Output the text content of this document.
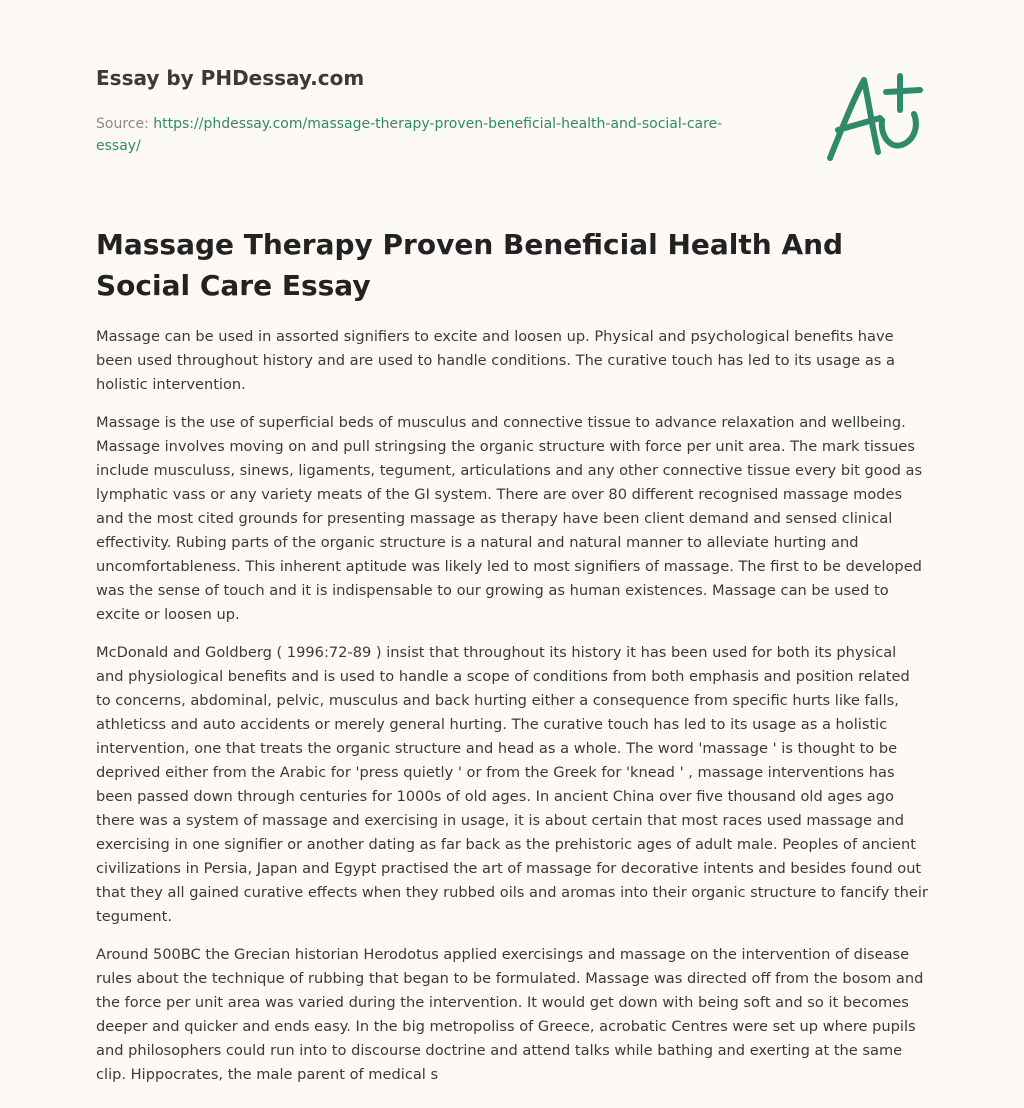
Essay by PHDessay.com
Source: https://phdessay.com/massage-therapy-proven-beneficial-health-and-social-care-essay/
Massage Therapy Proven Beneficial Health And Social Care Essay

Massage can be used in assorted signifiers to excite and loosen up. Physical and psychological benefits have been used throughout history and are used to handle conditions. The curative touch has led to its usage as a holistic intervention.

Massage is the use of superficial beds of musculus and connective tissue to advance relaxation and wellbeing. Massage involves moving on and pull stringsing the organic structure with force per unit area. The mark tissues include musculuss, sinews, ligaments, tegument, articulations and any other connective tissue every bit good as lymphatic vass or any variety meats of the GI system. There are over 80 different recognised massage modes and the most cited grounds for presenting massage as therapy have been client demand and sensed clinical effectivity. Rubing parts of the organic structure is a natural and natural manner to alleviate hurting and uncomfortableness. This inherent aptitude was likely led to most signifiers of massage. The first to be developed was the sense of touch and it is indispensable to our growing as human existences. Massage can be used to excite or loosen up.

McDonald and Goldberg ( 1996:72-89 ) insist that throughout its history it has been used for both its physical and physiological benefits and is used to handle a scope of conditions from both emphasis and position related to concerns, abdominal, pelvic, musculus and back hurting either a consequence from specific hurts like falls, athleticss and auto accidents or merely general hurting. The curative touch has led to its usage as a holistic intervention, one that treats the organic structure and head as a whole. The word 'massage ' is thought to be deprived either from the Arabic for 'press quietly ' or from the Greek for 'knead ' , massage interventions has been passed down through centuries for 1000s of old ages. In ancient China over five thousand old ages ago there was a system of massage and exercising in usage, it is about certain that most races used massage and exercising in one signifier or another dating as far back as the prehistoric ages of adult male. Peoples of ancient civilizations in Persia, Japan and Egypt practised the art of massage for decorative intents and besides found out that they all gained curative effects when they rubbed oils and aromas into their organic structure to fancify their tegument.

Around 500BC the Grecian historian Herodotus applied exercisings and massage on the intervention of disease rules about the technique of rubbing that began to be formulated. Massage was directed off from the bosom and the force per unit area was varied during the intervention. It would get down with being soft and so it becomes deeper and quicker and ends easy. In the big metropoliss of Greece, acrobatic Centres were set up where pupils and philosophers could run into to discourse doctrine and attend talks while bathing and exerting at the same clip. Hippocrates, the male parent of medical s
